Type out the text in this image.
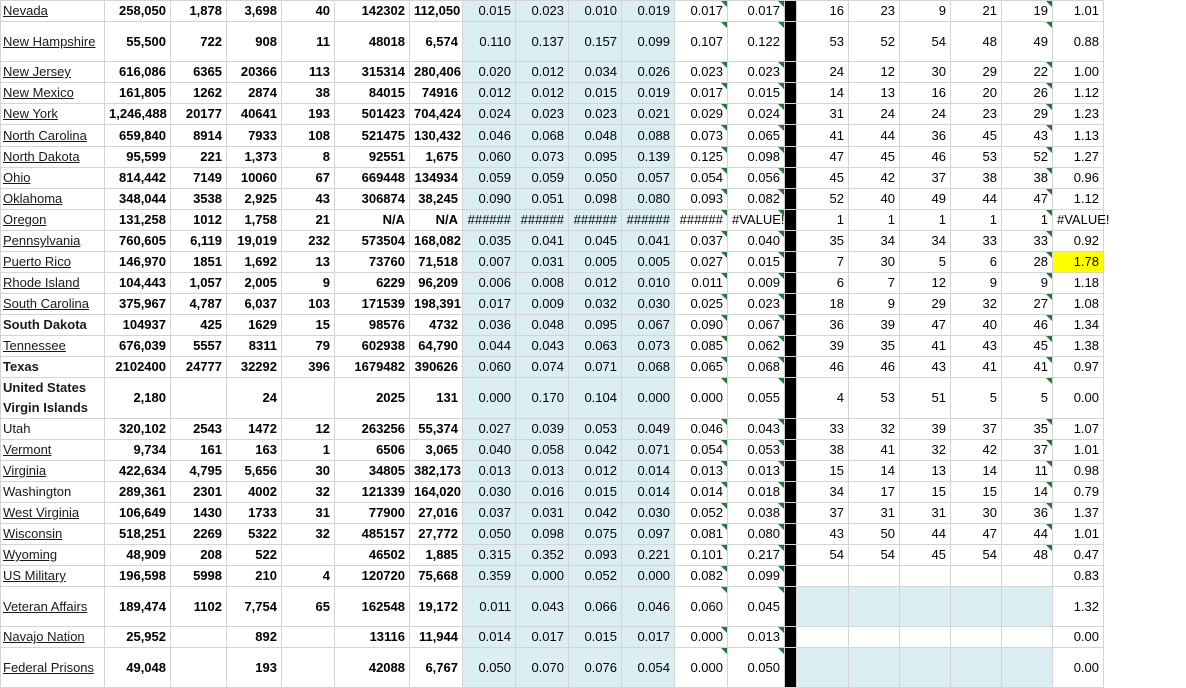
Nevada	258,050	1,878	3,698	40	142302	112,050	0.015	0.023	0.010	0.019	0.017	0.017		16	23	9	21	19	1.01
New Hampshire	55,500	722	908	11	48018	6,574	0.110	0.137	0.157	0.099	0.107	0.122		53	52	54	48	49	0.88
New Jersey	616,086	6365	20366	113	315314	280,406	0.020	0.012	0.034	0.026	0.023	0.023		24	12	30	29	22	1.00
New Mexico	161,805	1262	2874	38	84015	74916	0.012	0.012	0.015	0.019	0.017	0.015		14	13	16	20	26	1.12
New York	1,246,488	20177	40641	193	501423	704,424	0.024	0.023	0.023	0.021	0.029	0.024		31	24	24	23	29	1.23
North Carolina	659,840	8914	7933	108	521475	130,432	0.046	0.068	0.048	0.088	0.073	0.065		41	44	36	45	43	1.13
North Dakota	95,599	221	1,373	8	92551	1,675	0.060	0.073	0.095	0.139	0.125	0.098		47	45	46	53	52	1.27
Ohio	814,442	7149	10060	67	669448	134934	0.059	0.059	0.050	0.057	0.054	0.056		45	42	37	38	38	0.96
Oklahoma	348,044	3538	2,925	43	306874	38,245	0.090	0.051	0.098	0.080	0.093	0.082		52	40	49	44	47	1.12
Oregon	131,258	1012	1,758	21	N/A	N/A	######	######	######	######	######	#VALUE!		1	1	1	1	1	#VALUE!
Pennsylvania	760,605	6,119	19,019	232	573504	168,082	0.035	0.041	0.045	0.041	0.037	0.040		35	34	34	33	33	0.92
Puerto Rico	146,970	1851	1,692	13	73760	71,518	0.007	0.031	0.005	0.005	0.027	0.015		7	30	5	6	28	1.78
Rhode Island	104,443	1,057	2,005	9	6229	96,209	0.006	0.008	0.012	0.010	0.011	0.009		6	7	12	9	9	1.18
South Carolina	375,967	4,787	6,037	103	171539	198,391	0.017	0.009	0.032	0.030	0.025	0.023		18	9	29	32	27	1.08
South Dakota	104937	425	1629	15	98576	4732	0.036	0.048	0.095	0.067	0.090	0.067		36	39	47	40	46	1.34
Tennessee	676,039	5557	8311	79	602938	64,790	0.044	0.043	0.063	0.073	0.085	0.062		39	35	41	43	45	1.38
Texas	2102400	24777	32292	396	1679482	390626	0.060	0.074	0.071	0.068	0.065	0.068		46	46	43	41	41	0.97
United States Virgin Islands	2,180		24		2025	131	0.000	0.170	0.104	0.000	0.000	0.055		4	53	51	5	5	0.00
Utah	320,102	2543	1472	12	263256	55,374	0.027	0.039	0.053	0.049	0.046	0.043		33	32	39	37	35	1.07
Vermont	9,734	161	163	1	6506	3,065	0.040	0.058	0.042	0.071	0.054	0.053		38	41	32	42	37	1.01
Virginia	422,634	4,795	5,656	30	34805	382,173	0.013	0.013	0.012	0.014	0.013	0.013		15	14	13	14	11	0.98
Washington	289,361	2301	4002	32	121339	164,020	0.030	0.016	0.015	0.014	0.014	0.018		34	17	15	15	14	0.79
West Virginia	106,649	1430	1733	31	77900	27,016	0.037	0.031	0.042	0.030	0.052	0.038		37	31	31	30	36	1.37
Wisconsin	518,251	2269	5322	32	485157	27,772	0.050	0.098	0.075	0.097	0.081	0.080		43	50	44	47	44	1.01
Wyoming	48,909	208	522		46502	1,885	0.315	0.352	0.093	0.221	0.101	0.217		54	54	45	54	48	0.47
US Military	196,598	5998	210	4	120720	75,668	0.359	0.000	0.052	0.000	0.082	0.099							0.83
Veteran Affairs	189,474	1102	7,754	65	162548	19,172	0.011	0.043	0.066	0.046	0.060	0.045							1.32
Navajo Nation	25,952		892		13116	11,944	0.014	0.017	0.015	0.017	0.000	0.013							0.00
Federal Prisons	49,048		193		42088	6,767	0.050	0.070	0.076	0.054	0.000	0.050							0.00
